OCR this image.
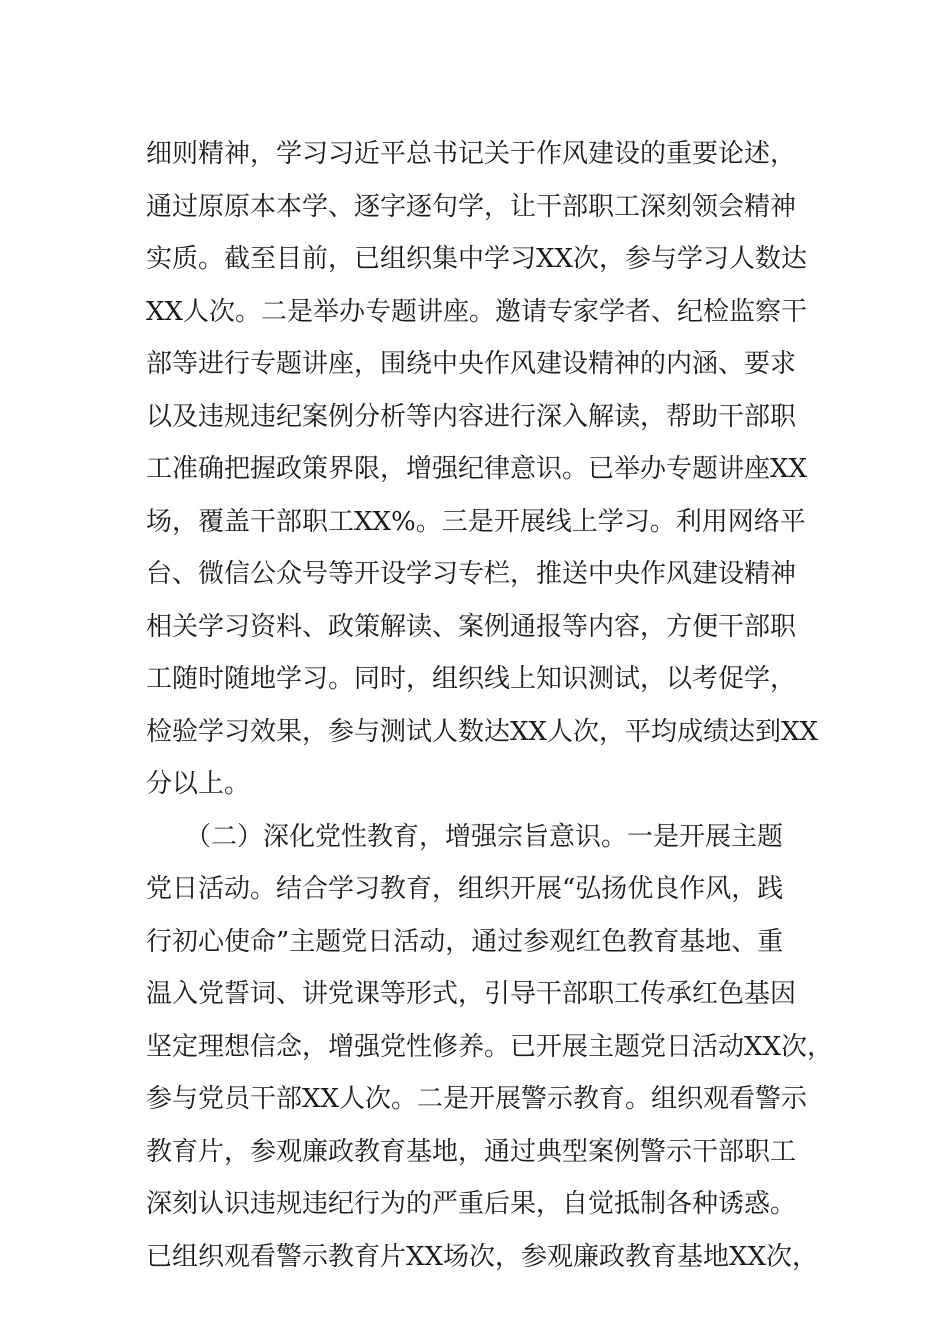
细则精神，学习习近平总书记关于作风建设的重要论述，
通过原原本本学、逐字逐句学，让干部职工深刻领会精神
实质。截至目前，已组织集中学习XX次，参与学习人数达
XX人次。二是举办专题讲座。邀请专家学者、纪检监察干
部等进行专题讲座，围绕中央作风建设精神的内涵、要求
以及违规违纪案例分析等内容进行深入解读，帮助干部职
工准确把握政策界限，增强纪律意识。已举办专题讲座XX
场，覆盖干部职工XX%。三是开展线上学习。利用网络平
台、微信公众号等开设学习专栏，推送中央作风建设精神
相关学习资料、政策解读、案例通报等内容，方便干部职
工随时随地学习。同时，组织线上知识测试，以考促学，
检验学习效果，参与测试人数达XX人次，平均成绩达到XX
分以上。
　　（二）深化党性教育，增强宗旨意识。一是开展主题
党日活动。结合学习教育，组织开展“弘扬优良作风，践
行初心使命”主题党日活动，通过参观红色教育基地、重
温入党誓词、讲党课等形式，引导干部职工传承红色基因
坚定理想信念，增强党性修养。已开展主题党日活动XX次，
参与党员干部XX人次。二是开展警示教育。组织观看警示
教育片，参观廉政教育基地，通过典型案例警示干部职工
深刻认识违规违纪行为的严重后果，自觉抵制各种诱惑。
已组织观看警示教育片XX场次，参观廉政教育基地XX次，
